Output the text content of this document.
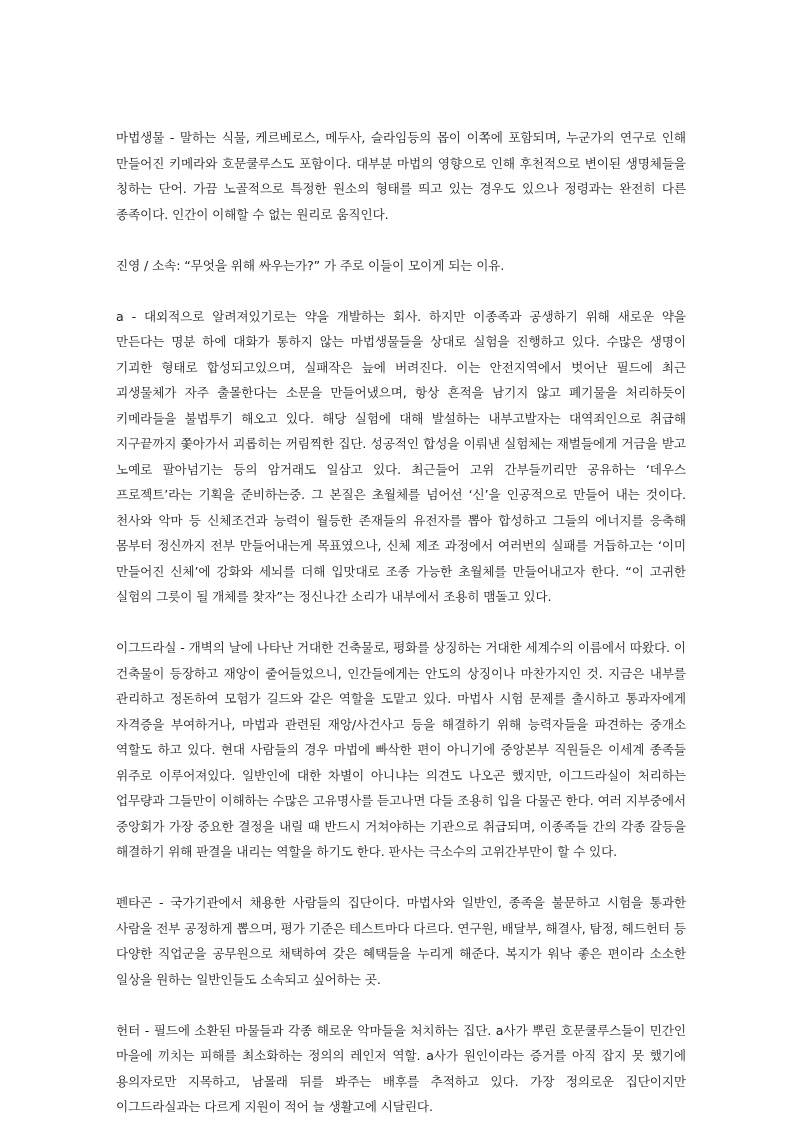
마법생물 - 말하는 식물, 케르베로스, 메두사, 슬라임등의 몹이 이쪽에 포함되며, 누군가의 연구로 인해 만들어진 키메라와 호문쿨루스도 포함이다. 대부분 마법의 영향으로 인해 후천적으로 변이된 생명체들을 칭하는 단어. 가끔 노골적으로 특정한 원소의 형태를 띄고 있는 경우도 있으나 정령과는 완전히 다른 종족이다. 인간이 이해할 수 없는 원리로 움직인다.

진영 / 소속: “무엇을 위해 싸우는가?” 가 주로 이들이 모이게 되는 이유.

a - 대외적으로 알려져있기로는 약을 개발하는 회사. 하지만 이종족과 공생하기 위해 새로운 약을 만든다는 명분 하에 대화가 통하지 않는 마법생물들을 상대로 실험을 진행하고 있다. 수많은 생명이 기괴한 형태로 합성되고있으며, 실패작은 늪에 버려진다. 이는 안전지역에서 벗어난 필드에 최근 괴생물체가 자주 출몰한다는 소문을 만들어냈으며, 항상 흔적을 남기지 않고 폐기물을 처리하듯이 키메라들을 불법투기 해오고 있다. 해당 실험에 대해 발설하는 내부고발자는 대역죄인으로 취급해 지구끝까지 쫓아가서 괴롭히는 꺼림찍한 집단. 성공적인 합성을 이뤄낸 실험체는 재벌들에게 거금을 받고 노예로 팔아넘기는 등의 암거래도 일삼고 있다. 최근들어 고위 간부들끼리만 공유하는 ‘데우스 프로젝트’라는 기획을 준비하는중. 그 본질은 초월체를 넘어선 ‘신’을 인공적으로 만들어 내는 것이다. 천사와 악마 등 신체조건과 능력이 월등한 존재들의 유전자를 뽑아 합성하고 그들의 에너지를 응축해 몸부터 정신까지 전부 만들어내는게 목표였으나, 신체 제조 과정에서 여러번의 실패를 거듭하고는 ‘이미 만들어진 신체’에 강화와 세뇌를 더해 입맛대로 조종 가능한 초월체를 만들어내고자 한다. “이 고귀한 실험의 그릇이 될 개체를 찾자”는 정신나간 소리가 내부에서 조용히 맴돌고 있다.

이그드라실 - 개벽의 날에 나타난 거대한 건축물로, 평화를 상징하는 거대한 세계수의 이름에서 따왔다. 이 건축물이 등장하고 재앙이 줄어들었으니, 인간들에게는 안도의 상징이나 마찬가지인 것. 지금은 내부를 관리하고 정돈하여 모험가 길드와 같은 역할을 도맡고 있다. 마법사 시험 문제를 출시하고 통과자에게 자격증을 부여하거나, 마법과 관련된 재앙/사건사고 등을 해결하기 위해 능력자들을 파견하는 중개소 역할도 하고 있다. 현대 사람들의 경우 마법에 빠삭한 편이 아니기에 중앙본부 직원들은 이세계 종족들 위주로 이루어져있다. 일반인에 대한 차별이 아니냐는 의견도 나오곤 했지만, 이그드라실이 처리하는 업무량과 그들만이 이해하는 수많은 고유명사를 듣고나면 다들 조용히 입을 다물곤 한다. 여러 지부중에서 중앙회가 가장 중요한 결정을 내릴 때 반드시 거쳐야하는 기관으로 취급되며, 이종족들 간의 각종 갈등을 해결하기 위해 판결을 내리는 역할을 하기도 한다. 판사는 극소수의 고위간부만이 할 수 있다.

펜타곤 - 국가기관에서 채용한 사람들의 집단이다. 마법사와 일반인, 종족을 불문하고 시험을 통과한 사람을 전부 공정하게 뽑으며, 평가 기준은 테스트마다 다르다. 연구원, 배달부, 해결사, 탐정, 헤드헌터 등 다양한 직업군을 공무원으로 채택하여 갖은 혜택들을 누리게 해준다. 복지가 워낙 좋은 편이라 소소한 일상을 원하는 일반인들도 소속되고 싶어하는 곳.

헌터 - 필드에 소환된 마물들과 각종 해로운 악마들을 처치하는 집단. a사가 뿌린 호문쿨루스들이 민간인 마을에 끼치는 피해를 최소화하는 정의의 레인저 역할. a사가 원인이라는 증거를 아직 잡지 못 했기에 용의자로만 지목하고, 남몰래 뒤를 봐주는 배후를 추적하고 있다. 가장 정의로운 집단이지만 이그드라실과는 다르게 지원이 적어 늘 생활고에 시달린다.
